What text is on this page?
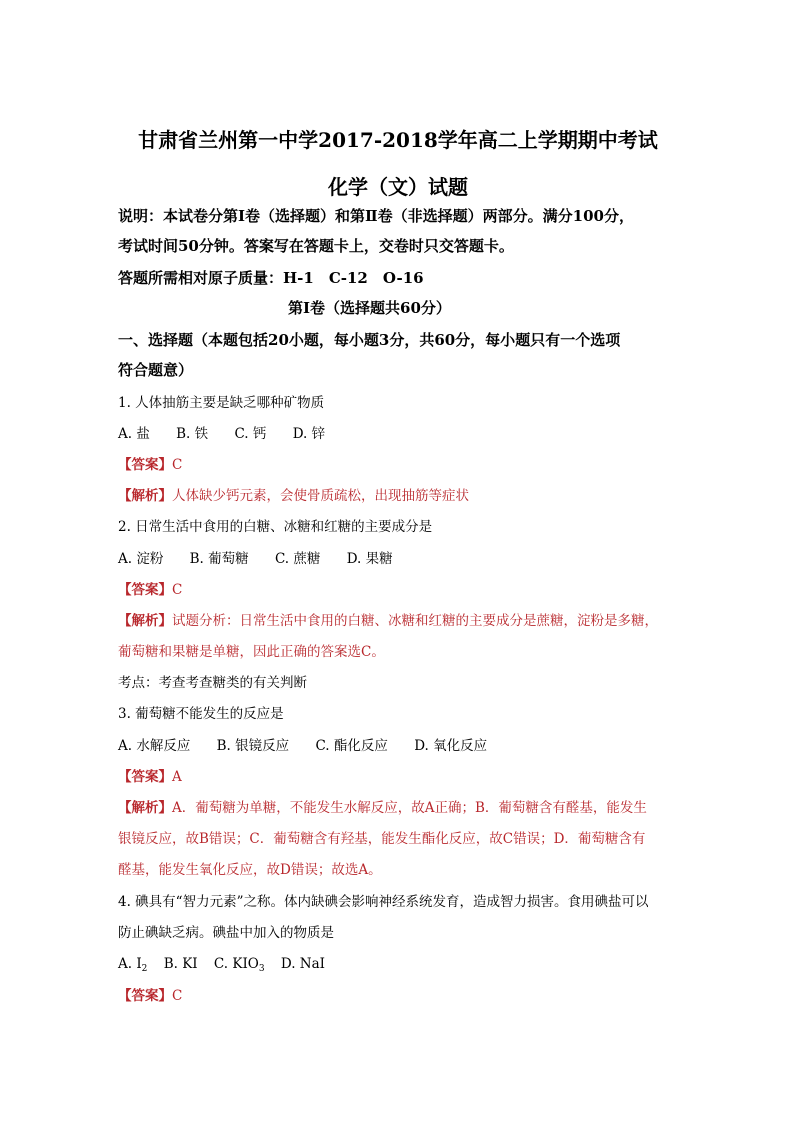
甘肃省兰州第一中学2017-2018学年高二上学期期中考试
化学（文）试题
说明：本试卷分第Ⅰ卷（选择题）和第Ⅱ卷（非选择题）两部分。满分100分，
考试时间50分钟。答案写在答题卡上，交卷时只交答题卡。
答题所需相对原子质量：H-1　C-12　O-16
第Ⅰ卷（选择题共60分）
一、选择题（本题包括20小题，每小题3分，共60分，每小题只有一个选项
符合题意）
1. 人体抽筋主要是缺乏哪种矿物质
A. 盐 B. 铁 C. 钙 D. 锌
【答案】C
【解析】人体缺少钙元素，会使骨质疏松，出现抽筋等症状
2. 日常生活中食用的白糖、冰糖和红糖的主要成分是
A. 淀粉 B. 葡萄糖 C. 蔗糖 D. 果糖
【答案】C
【解析】试题分析：日常生活中食用的白糖、冰糖和红糖的主要成分是蔗糖，淀粉是多糖，
葡萄糖和果糖是单糖，因此正确的答案选C。
考点：考查考查糖类的有关判断
3. 葡萄糖不能发生的反应是
A. 水解反应 B. 银镜反应 C. 酯化反应 D. 氧化反应
【答案】A
【解析】A．葡萄糖为单糖，不能发生水解反应，故A正确；B．葡萄糖含有醛基，能发生
银镜反应，故B错误；C．葡萄糖含有羟基，能发生酯化反应，故C错误；D．葡萄糖含有
醛基，能发生氧化反应，故D错误；故选A。
4. 碘具有“智力元素”之称。体内缺碘会影响神经系统发育，造成智力损害。食用碘盐可以
防止碘缺乏病。碘盐中加入的物质是
A. $I_2$ B. KI C. $KIO_3$ D. NaI
【答案】C
